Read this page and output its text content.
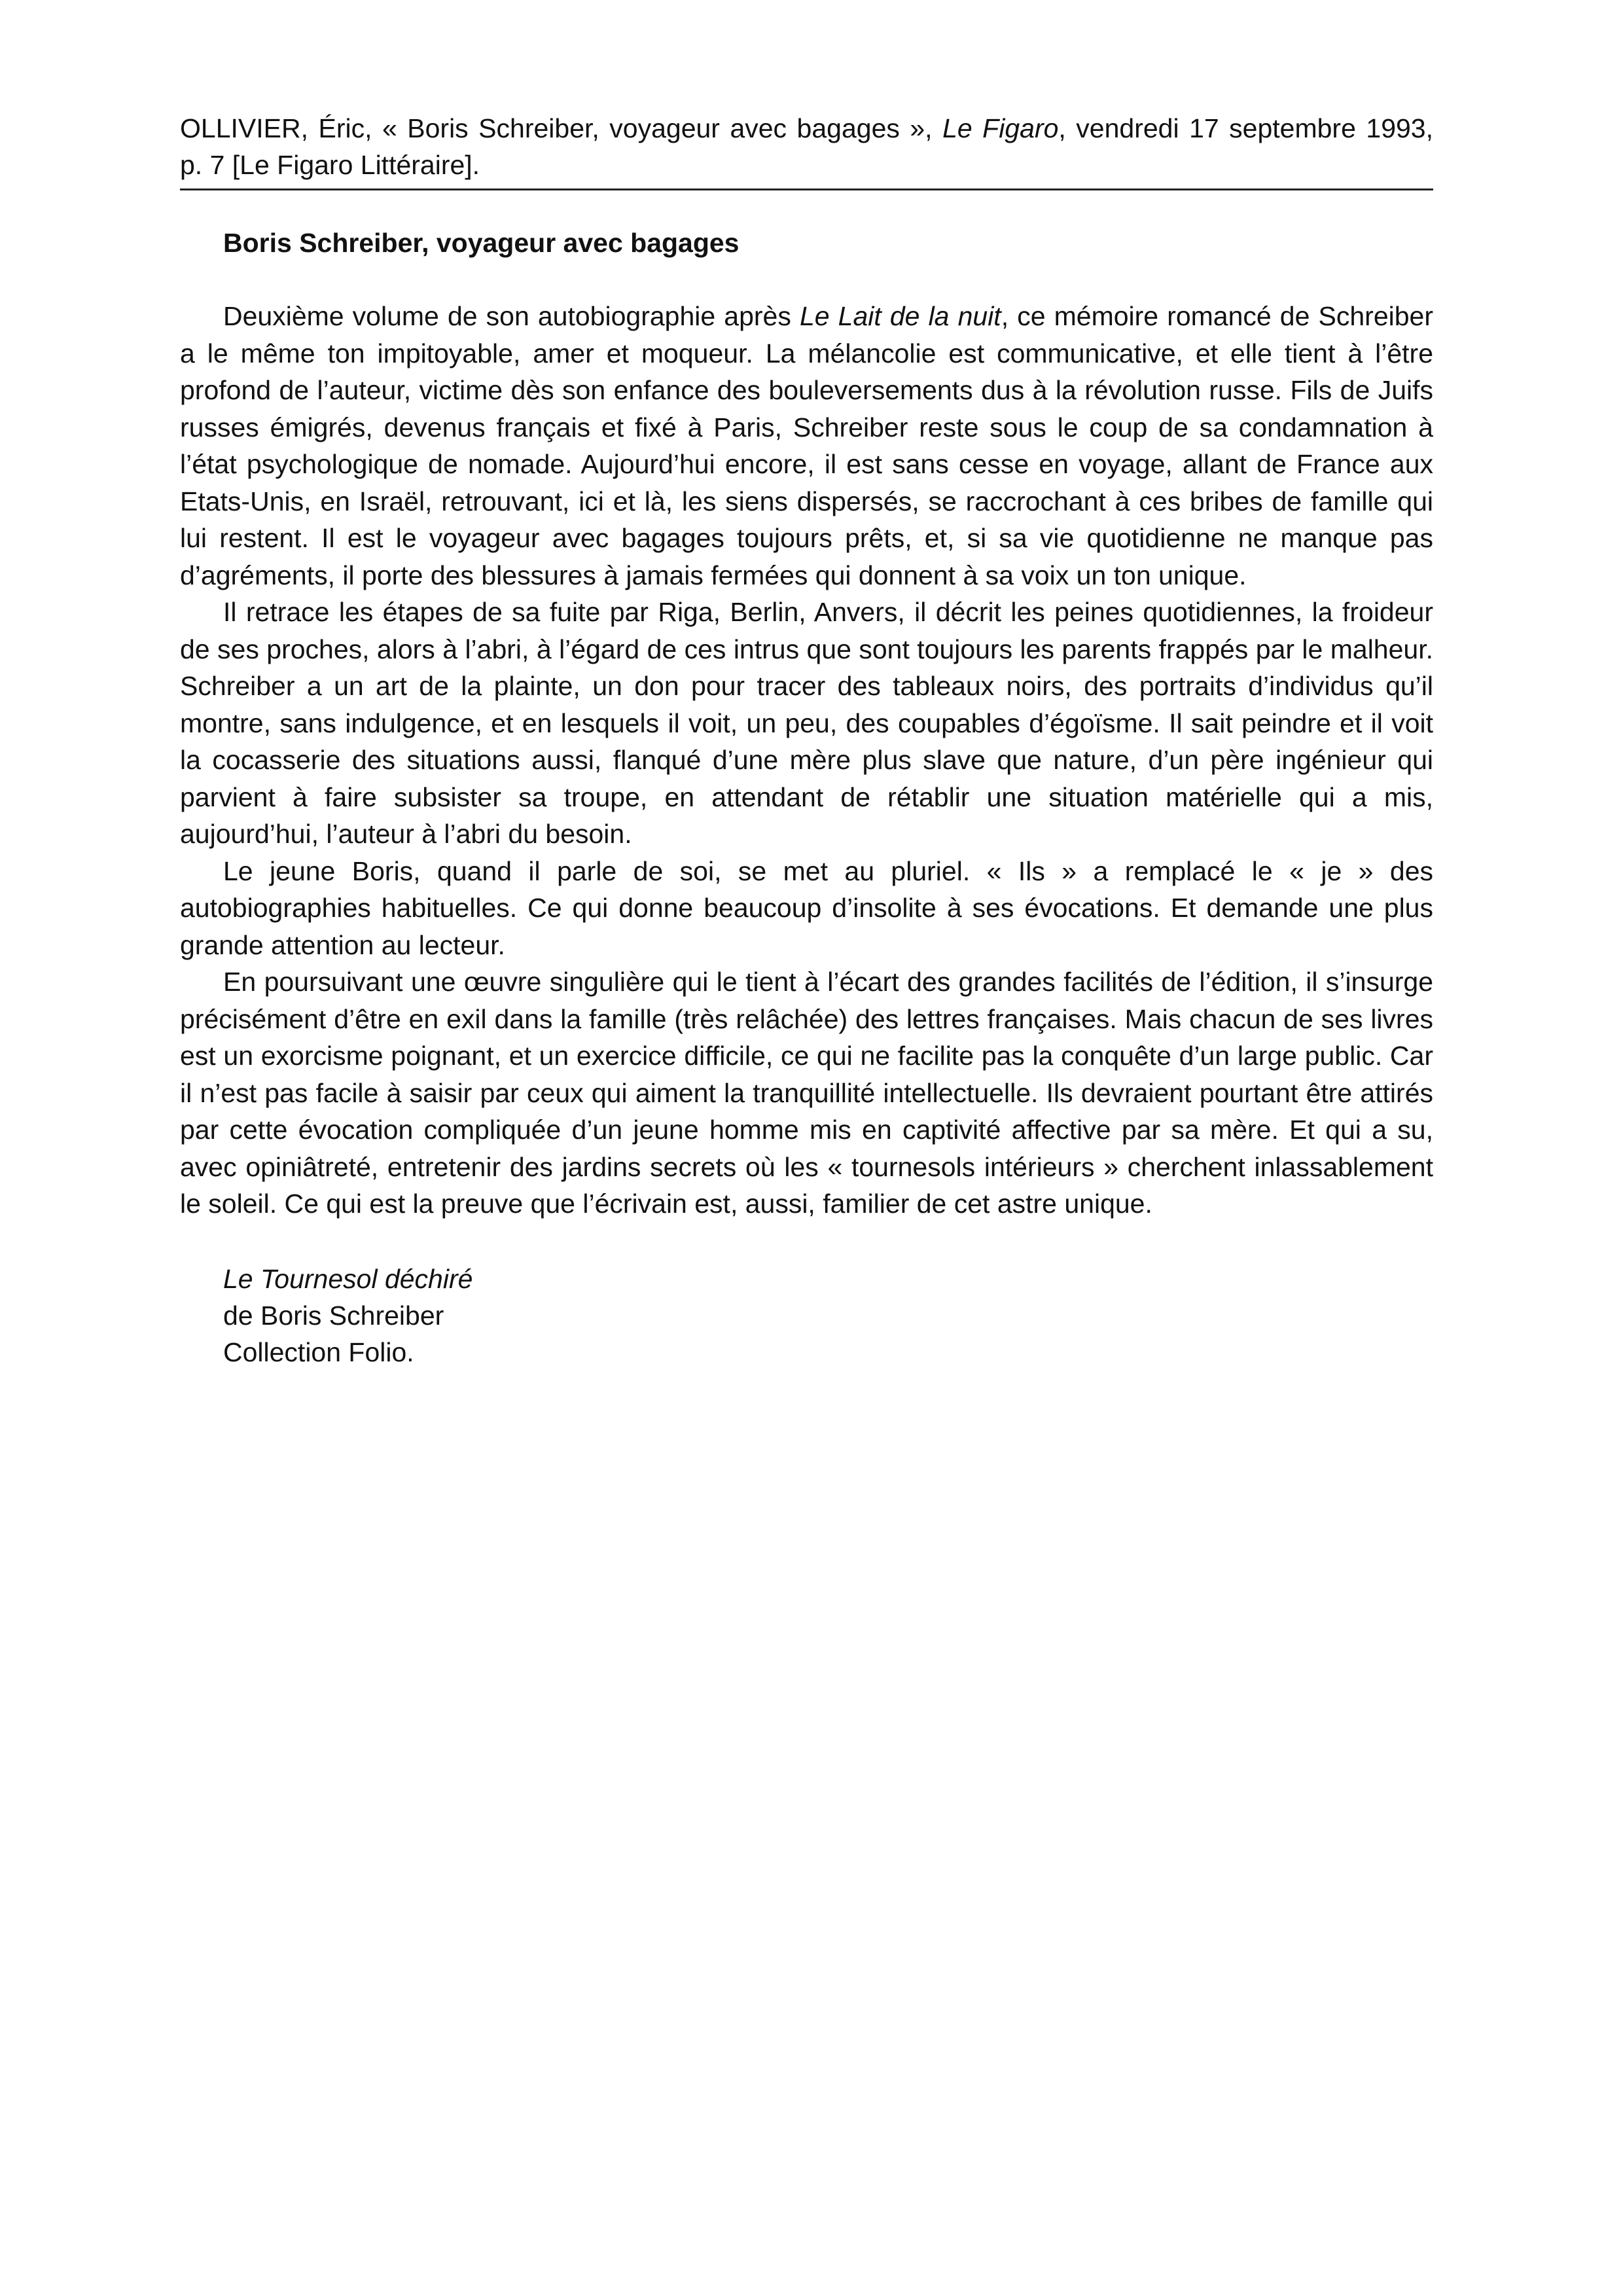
OLLIVIER, Éric, « Boris Schreiber, voyageur avec bagages », Le Figaro, vendredi 17 septembre 1993,
p. 7 [Le Figaro Littéraire].
Boris Schreiber, voyageur avec bagages

Deuxième volume de son autobiographie après Le Lait de la nuit, ce mémoire romancé de Schreiber a le même ton impitoyable, amer et moqueur. La mélancolie est communicative, et elle tient à l’être profond de l’auteur, victime dès son enfance des bouleversements dus à la révolution russe. Fils de Juifs russes émigrés, devenus français et fixé à Paris, Schreiber reste sous le coup de sa condamnation à l’état psychologique de nomade. Aujourd’hui encore, il est sans cesse en voyage, allant de France aux Etats-Unis, en Israël, retrouvant, ici et là, les siens dispersés, se raccrochant à ces bribes de famille qui lui restent. Il est le voyageur avec bagages toujours prêts, et, si sa vie quotidienne ne manque pas d’agréments, il porte des blessures à jamais fermées qui donnent à sa voix un ton unique.

Il retrace les étapes de sa fuite par Riga, Berlin, Anvers, il décrit les peines quotidiennes, la froideur de ses proches, alors à l’abri, à l’égard de ces intrus que sont toujours les parents frappés par le malheur. Schreiber a un art de la plainte, un don pour tracer des tableaux noirs, des portraits d’individus qu’il montre, sans indulgence, et en lesquels il voit, un peu, des coupables d’égoïsme. Il sait peindre et il voit la cocasserie des situations aussi, flanqué d’une mère plus slave que nature, d’un père ingénieur qui parvient à faire subsister sa troupe, en attendant de rétablir une situation matérielle qui a mis, aujourd’hui, l’auteur à l’abri du besoin.

Le jeune Boris, quand il parle de soi, se met au pluriel. « Ils » a remplacé le « je » des autobiographies habituelles. Ce qui donne beaucoup d’insolite à ses évocations. Et demande une plus grande attention au lecteur.

En poursuivant une œuvre singulière qui le tient à l’écart des grandes facilités de l’édition, il s’insurge précisément d’être en exil dans la famille (très relâchée) des lettres françaises. Mais chacun de ses livres est un exorcisme poignant, et un exercice difficile, ce qui ne facilite pas la conquête d’un large public. Car il n’est pas facile à saisir par ceux qui aiment la tranquillité intellectuelle. Ils devraient pourtant être attirés par cette évocation compliquée d’un jeune homme mis en captivité affective par sa mère. Et qui a su, avec opiniâtreté, entretenir des jardins secrets où les « tournesols intérieurs » cherchent inlassablement le soleil. Ce qui est la preuve que l’écrivain est, aussi, familier de cet astre unique.

Le Tournesol déchiré
de Boris Schreiber
Collection Folio.
